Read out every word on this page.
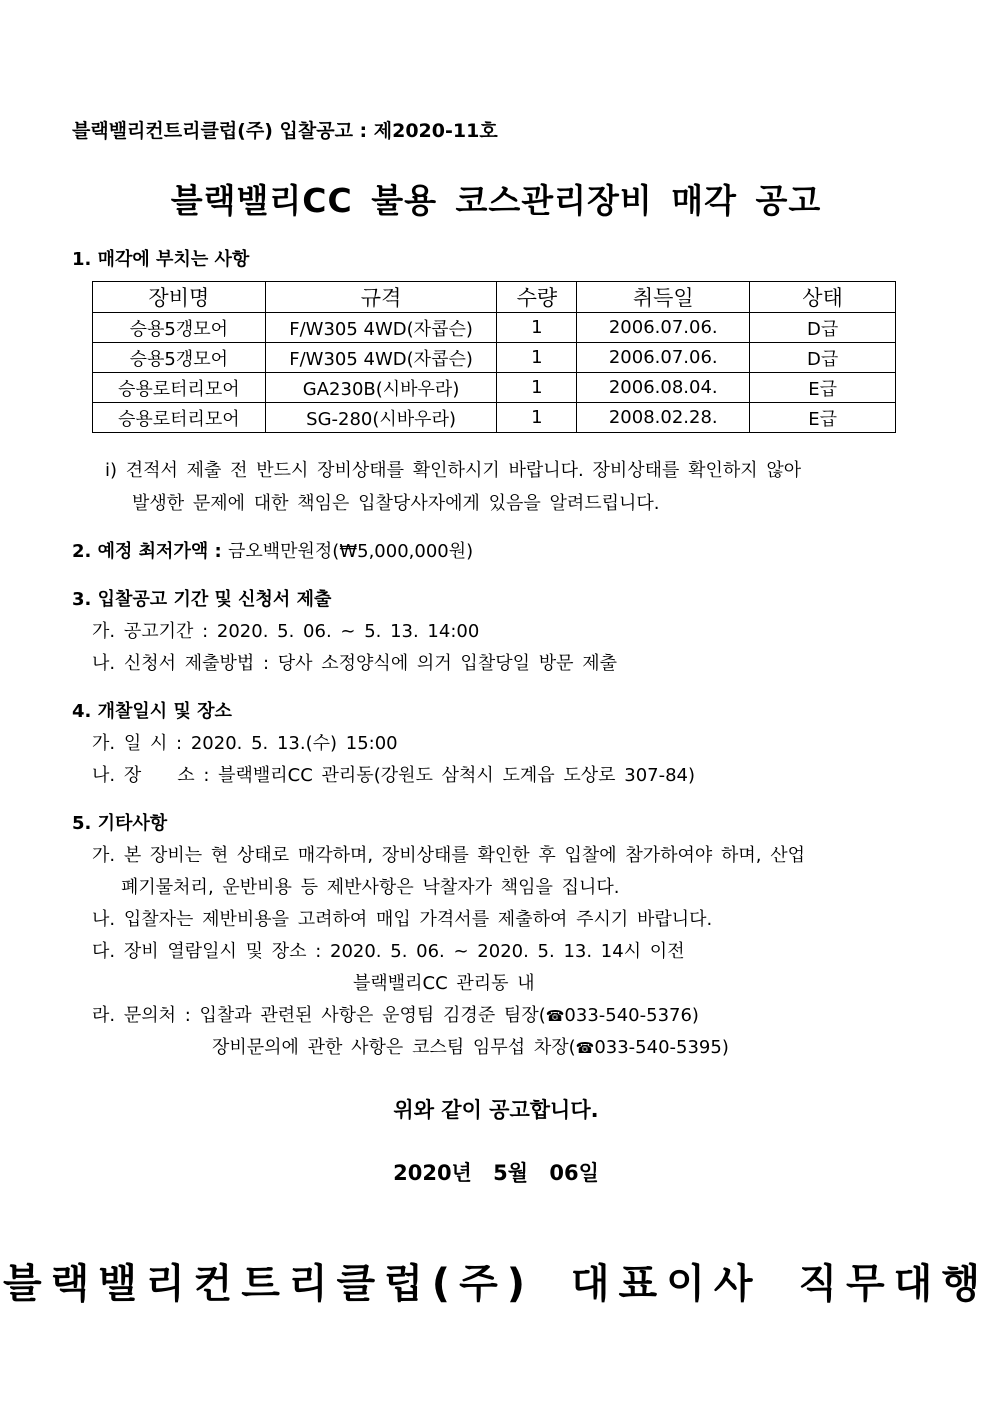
블랙밸리컨트리클럽(주) 입찰공고 : 제2020-11호
블랙밸리CC 불용 코스관리장비 매각 공고
1. 매각에 부치는 사항
장비명	규격	수량	취득일	상태
승용5갱모어	F/W305 4WD(자콥슨)	1	2006.07.06.	D급
승용5갱모어	F/W305 4WD(자콥슨)	1	2006.07.06.	D급
승용로터리모어	GA230B(시바우라)	1	2006.08.04.	E급
승용로터리모어	SG-280(시바우라)	1	2008.02.28.	E급
ⅰ) 견적서 제출 전 반드시 장비상태를 확인하시기 바랍니다. 장비상태를 확인하지 않아
발생한 문제에 대한 책임은 입찰당사자에게 있음을 알려드립니다.
2. 예정 최저가액 : 금오백만원정(₩5,000,000원)
3. 입찰공고 기간 및 신청서 제출
가. 공고기간 : 2020. 5. 06. ~ 5. 13. 14:00
나. 신청서 제출방법 : 당사 소정양식에 의거 입찰당일 방문 제출
4. 개찰일시 및 장소
가. 일 시 : 2020. 5. 13.(수) 15:00
나. 장　　소 : 블랙밸리CC 관리동(강원도 삼척시 도계읍 도상로 307-84)
5. 기타사항
가. 본 장비는 현 상태로 매각하며, 장비상태를 확인한 후 입찰에 참가하여야 하며, 산업
폐기물처리, 운반비용 등 제반사항은 낙찰자가 책임을 집니다.
나. 입찰자는 제반비용을 고려하여 매입 가격서를 제출하여 주시기 바랍니다.
다. 장비 열람일시 및 장소 : 2020. 5. 06. ~ 2020. 5. 13. 14시 이전
블랙밸리CC 관리동 내
라. 문의처 : 입찰과 관련된 사항은 운영팀 김경준 팀장(☎033-540-5376)
장비문의에 관한 사항은 코스팀 임무섭 차장(☎033-540-5395)
위와 같이 공고합니다.
2020년 5월 06일
블랙밸리컨트리클럽(주) 대표이사 직무대행
